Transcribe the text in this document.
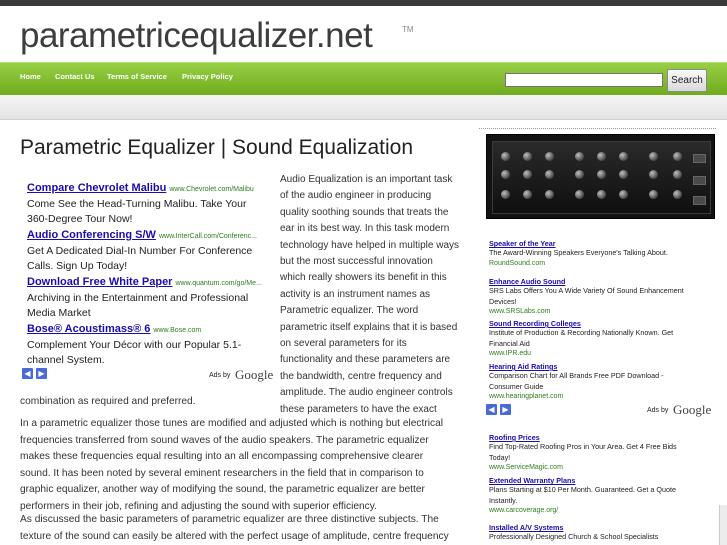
parametricequalizer.net	TM
Home Contact Us Terms of Service Privacy Policy	Search
Parametric Equalizer | Sound Equalization
Compare Chevrolet Malibu www.Chevrolet.com/Malibu
Come See the Head-Turning Malibu. Take Your
360-Degree Tour Now!
Audio Conferencing S/W www.InterCall.com/Conferenc...
Get A Dedicated Dial-In Number For Conference
Calls. Sign Up Today!
Download Free White Paper www.quantum.com/go/Me...
Archiving in the Entertainment and Professional
Media Market
Bose® Acoustimass® 6 www.Bose.com
Complement Your Décor with our Popular 5.1-
channel System.
◀ ▶	Ads by Google
Audio Equalization is an important task of the audio engineer in producing quality soothing sounds that treats the ear in its best way. In this task modern technology have helped in multiple ways but the most successful innovation which really showers its benefit in this activity is an instrument names as Parametric equalizer. The word parametric itself explains that it is based on several parameters for its functionality and these parameters are the bandwidth, centre frequency and amplitude. The audio engineer controls these parameters to have the exact
combination as required and preferred.
In a parametric equalizer those tunes are modified and adjusted which is nothing but electrical frequencies transferred from sound waves of the audio speakers. The parametric equalizer makes these frequencies equal resulting into an all encompassing comprehensive clearer sound. It has been noted by several eminent researchers in the field that in comparison to graphic equalizer, another way of modifying the sound, the parametric equalizer are better performers in their job, refining and adjusting the sound with superior efficiency.
As discussed the basic parameters of parametric equalizer are three distinctive subjects. The texture of the sound can easily be altered with the perfect usage of amplitude, centre frequency
Speaker of the Year
The Award-Winning Speakers Everyone's Talking About.
RoundSound.com
Enhance Audio Sound
SRS Labs Offers You A Wide Variety Of Sound Enhancement
Devices!
www.SRSLabs.com
Sound Recording Colleges
Institute of Production & Recording Nationally Known. Get
Financial Aid
www.IPR.edu
Hearing Aid Ratings
Comparison Chart for All Brands Free PDF Download -
Consumer Guide
www.hearingplanet.com
◀ ▶	Ads by Google
Roofing Prices
Find Top-Rated Roofing Pros in Your Area. Get 4 Free Bids
Today!
www.ServiceMagic.com
Extended Warranty Plans
Plans Starting at $10 Per Month. Guaranteed. Get a Quote
Instantly.
www.carcoverage.org/
Installed A/V Systems
Professionally Designed Church & School Specialists
